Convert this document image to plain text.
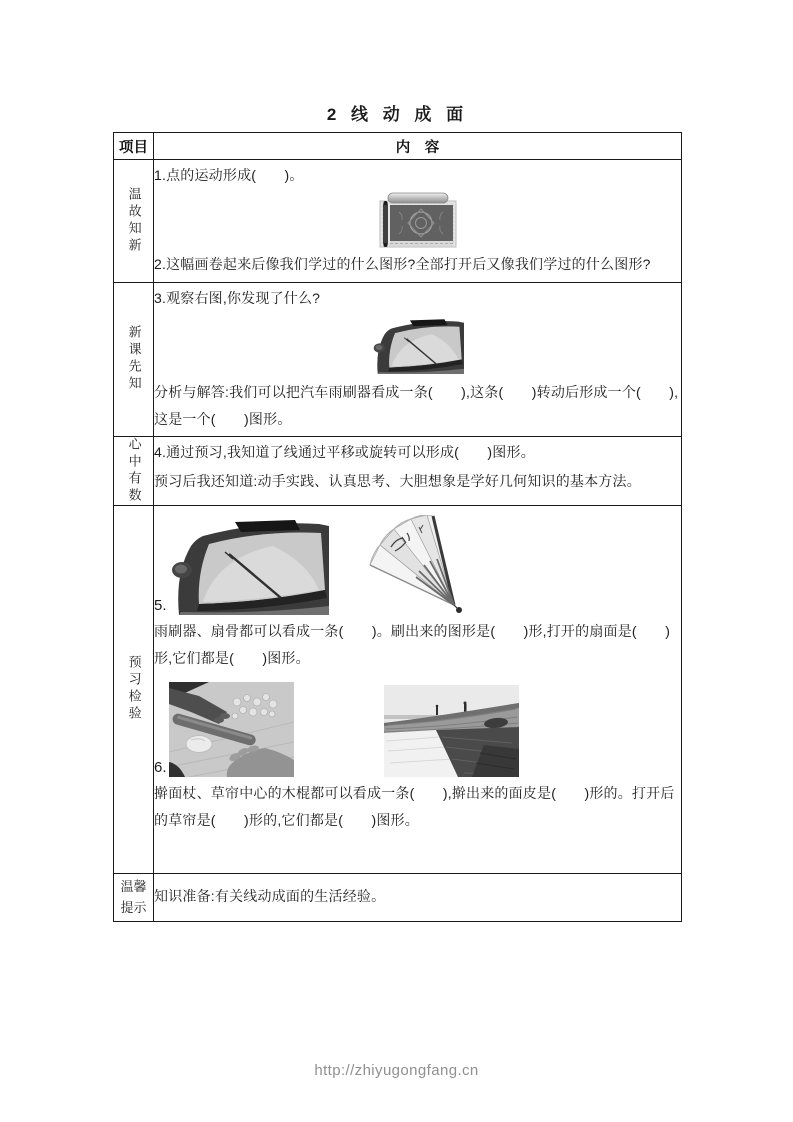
2 线 动 成 面
项目	内　容

温故知新	1.点的运动形成(　　)。

2.这幅画卷起来后像我们学过的什么图形?全部打开后又像我们学过的什么图形?

新课先知	3.观察右图,你发现了什么?

分析与解答:我们可以把汽车雨刷器看成一条(　　),这条(　　)转动后形成一个(　　),这是一个(　　)图形。

心中有数	4.通过预习,我知道了线通过平移或旋转可以形成(　　)图形。

预习后我还知道:动手实践、认真思考、大胆想象是学好几何知识的基本方法。

预习检验	5.

雨刷器、扇骨都可以看成一条(　　)。刷出来的图形是(　　)形,打开的扇面是(　　)形,它们都是(　　)图形。

6.

擀面杖、草帘中心的木棍都可以看成一条(　　),擀出来的面皮是(　　)形的。打开后的草帘是(　　)形的,它们都是(　　)图形。

温馨
提示	知识准备:有关线动成面的生活经验。

http://zhiyugongfang.cn
